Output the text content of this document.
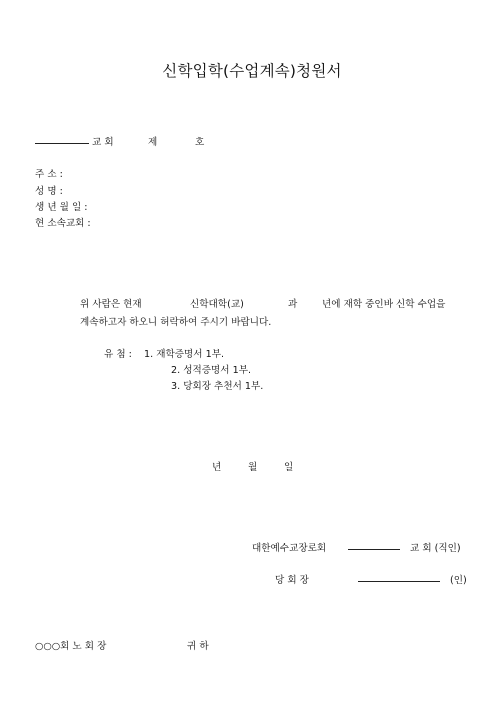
신학입학(수업계속)청원서
교 회	제	호
주 소 :
성 명 :
생 년 월 일 :
현 소속교회 :
위 사람은 현재	신학대학(교)	과	년에 재학 중인바 신학 수업을
계속하고자 하오니 허락하여 주시기 바랍니다.
유 첨 : 1. 재학증명서 1부.
2. 성적증명서 1부.
3. 당회장 추천서 1부.
년	월	일
대한예수교장로회	교 회 (직인)
당 회 장	(인)
○○○회 노 회 장	귀 하
